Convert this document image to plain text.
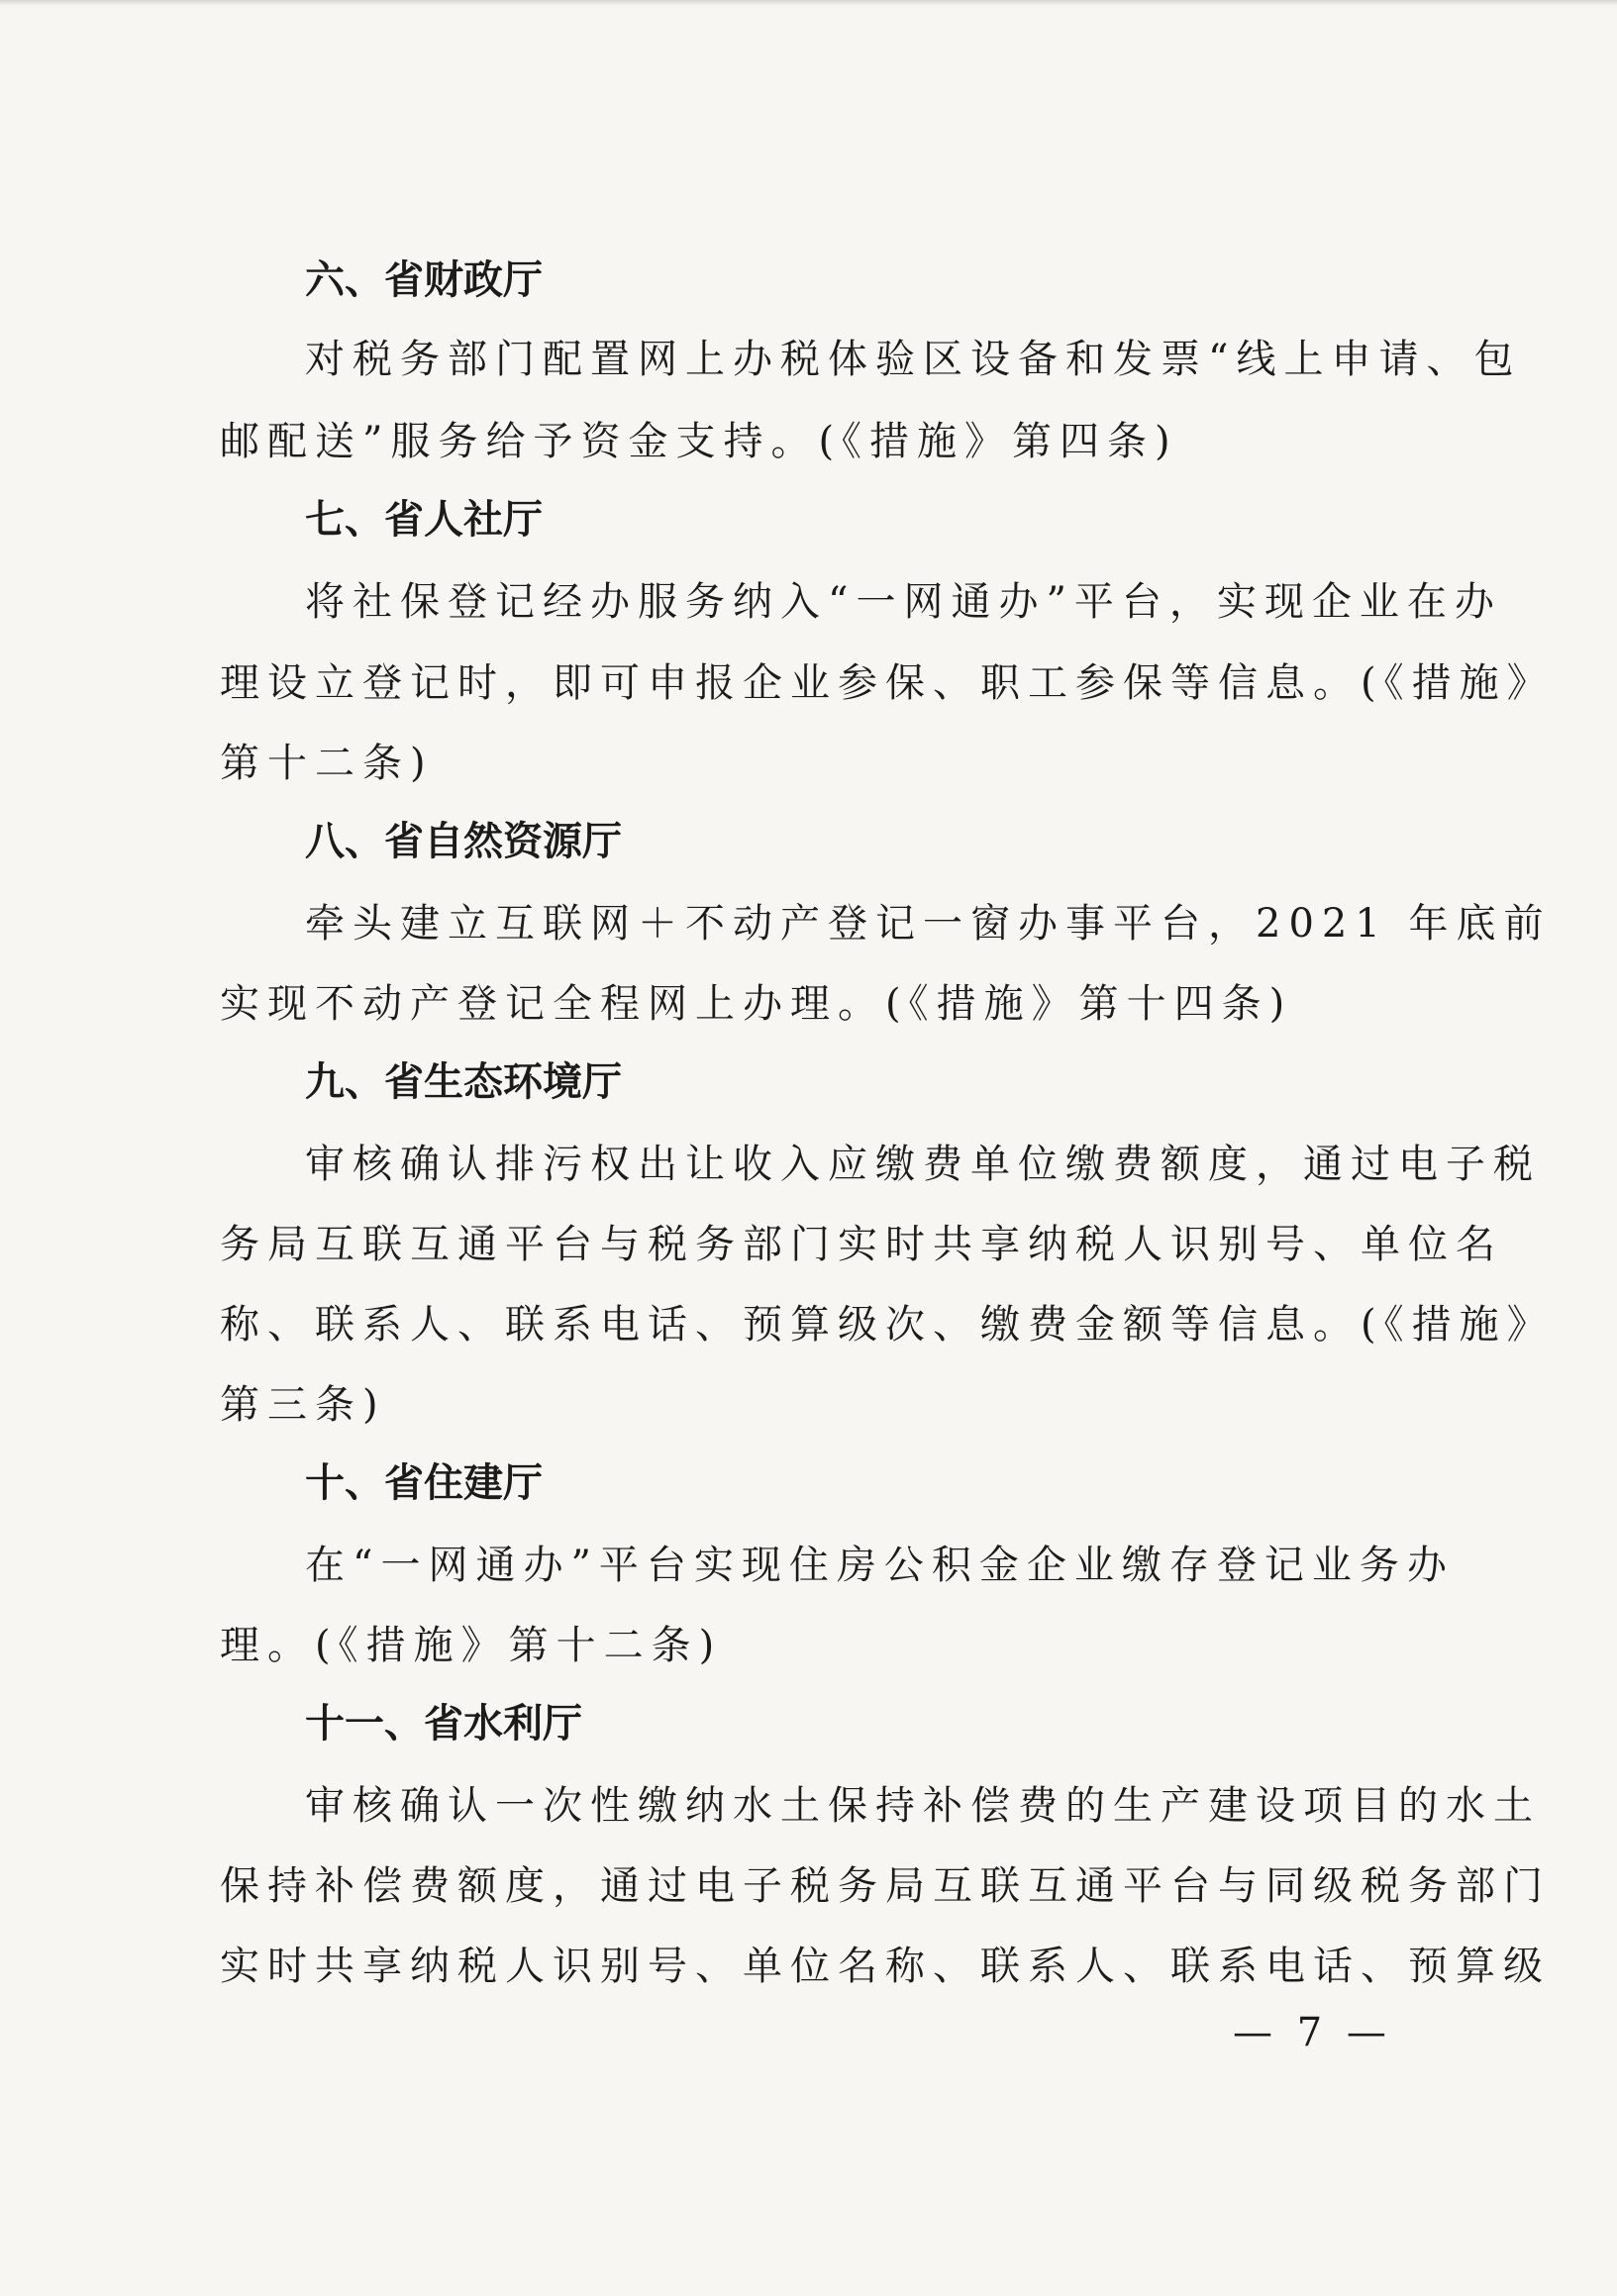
六、省财政厅
对税务部门配置网上办税体验区设备和发票“线上申请、包
邮配送”服务给予资金支持。(《措施》第四条)
七、省人社厅
将社保登记经办服务纳入“一网通办”平台，实现企业在办
理设立登记时，即可申报企业参保、职工参保等信息。(《措施》
第十二条)
八、省自然资源厅
牵头建立互联网＋不动产登记一窗办事平台，2021 年底前
实现不动产登记全程网上办理。(《措施》第十四条)
九、省生态环境厅
审核确认排污权出让收入应缴费单位缴费额度，通过电子税
务局互联互通平台与税务部门实时共享纳税人识别号、单位名
称、联系人、联系电话、预算级次、缴费金额等信息。(《措施》
第三条)
十、省住建厅
在“一网通办”平台实现住房公积金企业缴存登记业务办
理。(《措施》第十二条)
十一、省水利厅
审核确认一次性缴纳水土保持补偿费的生产建设项目的水土
保持补偿费额度，通过电子税务局互联互通平台与同级税务部门
实时共享纳税人识别号、单位名称、联系人、联系电话、预算级
— 7 —
